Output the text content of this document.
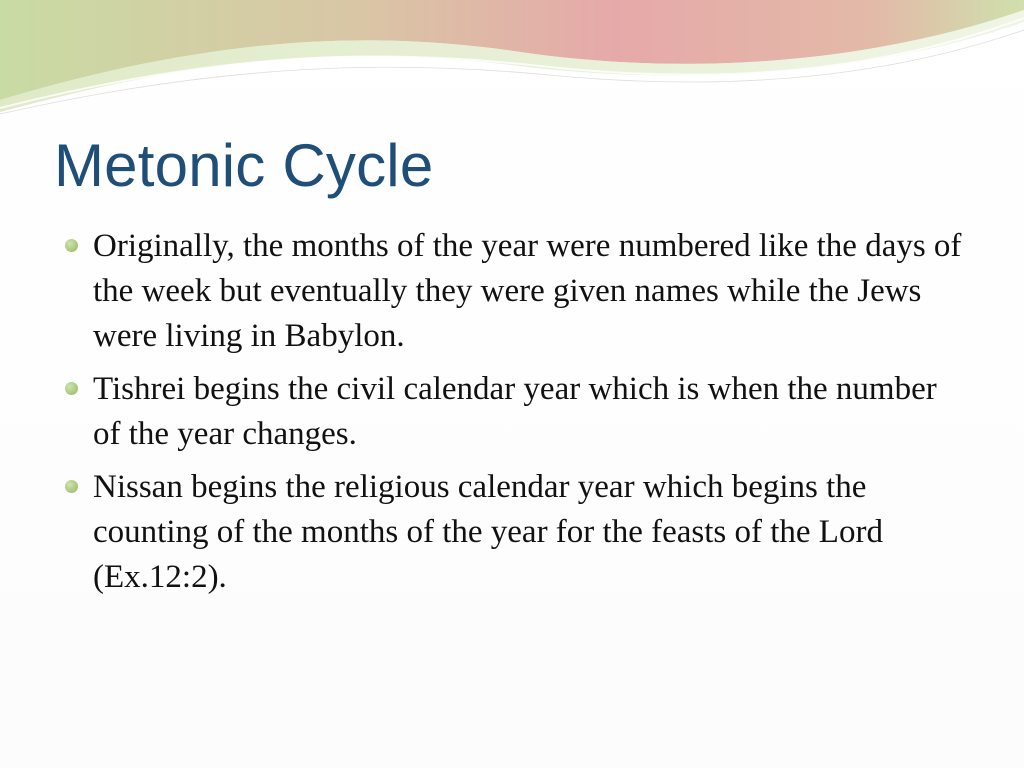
Metonic Cycle
Originally, the months of the year were numbered like the days of the week but eventually they were given names while the Jews were living in Babylon.
Tishrei begins the civil calendar year which is when the number of the year changes.
Nissan begins the religious calendar year which begins the counting of the months of the year for the feasts of the Lord (Ex.12:2).
